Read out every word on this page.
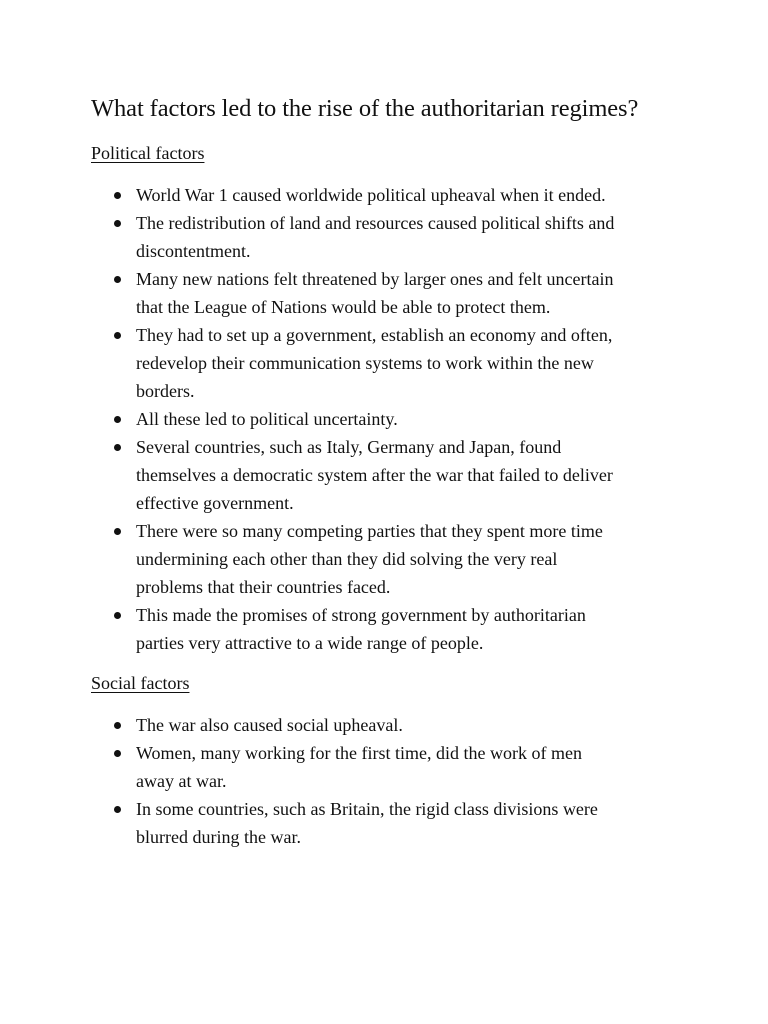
What factors led to the rise of the authoritarian regimes?
Political factors
World War 1 caused worldwide political upheaval when it ended.
The redistribution of land and resources caused political shifts and
discontentment.
Many new nations felt threatened by larger ones and felt uncertain
that the League of Nations would be able to protect them.
They had to set up a government, establish an economy and often,
redevelop their communication systems to work within the new
borders.
All these led to political uncertainty.
Several countries, such as Italy, Germany and Japan, found
themselves a democratic system after the war that failed to deliver
effective government.
There were so many competing parties that they spent more time
undermining each other than they did solving the very real
problems that their countries faced.
This made the promises of strong government by authoritarian
parties very attractive to a wide range of people.
Social factors
The war also caused social upheaval.
Women, many working for the first time, did the work of men
away at war.
In some countries, such as Britain, the rigid class divisions were
blurred during the war.
